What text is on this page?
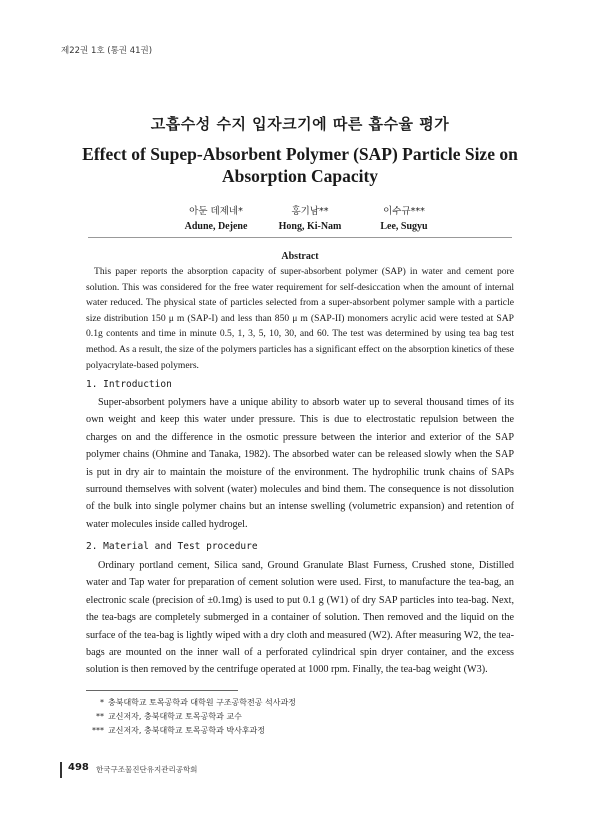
제22권 1호 (통권 41권)
고흡수성 수지 입자크기에 따른 흡수율 평가
Effect of Supep-Absorbent Polymer (SAP) Particle Size on Absorption Capacity
아둔 데제네*
Adune, Dejene
홍기남**
Hong, Ki-Nam
이수규***
Lee, Sugyu
Abstract
This paper reports the absorption capacity of super-absorbent polymer (SAP) in water and cement pore solution. This was considered for the free water requirement for self-desiccation when the amount of internal water reduced. The physical state of particles selected from a super-absorbent polymer sample with a particle size distribution 150 μ m (SAP-I) and less than 850 μ m (SAP-II) monomers acrylic acid were tested at SAP 0.1g contents and time in minute 0.5, 1, 3, 5, 10, 30, and 60. The test was determined by using tea bag test method. As a result, the size of the polymers particles has a significant effect on the absorption kinetics of these polyacrylate-based polymers.
1. Introduction
Super-absorbent polymers have a unique ability to absorb water up to several thousand times of its own weight and keep this water under pressure. This is due to electrostatic repulsion between the charges on and the difference in the osmotic pressure between the interior and exterior of the SAP polymer chains (Ohmine and Tanaka, 1982). The absorbed water can be released slowly when the SAP is put in dry air to maintain the moisture of the environment. The hydrophilic trunk chains of SAPs surround themselves with solvent (water) molecules and bind them. The consequence is not dissolution of the bulk into single polymer chains but an intense swelling (volumetric expansion) and retention of water molecules inside called hydrogel.
2. Material and Test procedure
Ordinary portland cement, Silica sand, Ground Granulate Blast Furness, Crushed stone, Distilled water and Tap water for preparation of cement solution were used. First, to manufacture the tea-bag, an electronic scale (precision of ±0.1mg) is used to put 0.1 g (W1) of dry SAP particles into tea-bag. Next, the tea-bags are completely submerged in a container of solution. Then removed and the liquid on the surface of the tea-bag is lightly wiped with a dry cloth and measured (W2). After measuring W2, the tea-bags are mounted on the inner wall of a perforated cylindrical spin dryer container, and the excess solution is then removed by the centrifuge operated at 1000 rpm. Finally, the tea-bag weight (W3).
* 충북대학교 토목공학과 대학원 구조공학전공 석사과정
** 교신저자, 충북대학교 토목공학과 교수
*** 교신저자, 충북대학교 토목공학과 박사후과정
498 한국구조물진단유지관리공학회
